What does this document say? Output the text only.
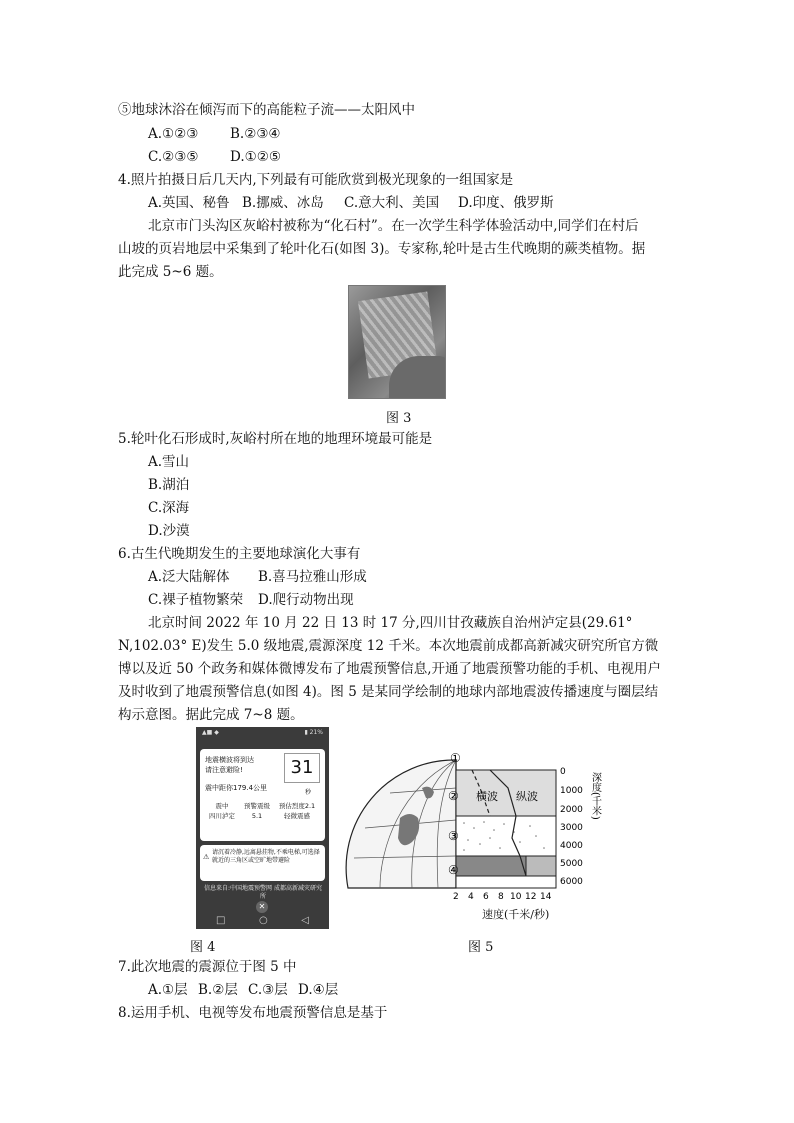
⑤地球沐浴在倾泻而下的高能粒子流——太阳风中
A.①②③ B.②③④
C.②③⑤ D.①②⑤
4.照片拍摄日后几天内,下列最有可能欣赏到极光现象的一组国家是
A.英国、秘鲁 B.挪威、冰岛 C.意大利、美国 D.印度、俄罗斯
北京市门头沟区灰峪村被称为“化石村”。在一次学生科学体验活动中,同学们在村后
山坡的页岩地层中采集到了轮叶化石(如图 3)。专家称,轮叶是古生代晚期的蕨类植物。据
此完成 5~6 题。
图 3
5.轮叶化石形成时,灰峪村所在地的地理环境最可能是
A.雪山
B.湖泊
C.深海
D.沙漠
6.古生代晚期发生的主要地球演化大事有
A.泛大陆解体 B.喜马拉雅山形成
C.裸子植物繁荣 D.爬行动物出现
北京时间 2022 年 10 月 22 日 13 时 17 分,四川甘孜藏族自治州泸定县(29.61°
N,102.03° E)发生 5.0 级地震,震源深度 12 千米。本次地震前成都高新减灾研究所官方微
博以及近 50 个政务和媒体微博发布了地震预警信息,开通了地震预警功能的手机、电视用户
及时收到了地震预警信息(如图 4)。图 5 是某同学绘制的地球内部地震波传播速度与圈层结
构示意图。据此完成 7~8 题。
▲■ ◆	▮ 21%
地震横波将到达
请注意避险!	31
震中距你179.4公里
秒
震中 预警震级 预估烈度2.1
四川泸定	5.1	轻微震感
⚠
请沉着冷静,远离悬挂物,不乘电梯,可选择就近的三角区或空旷地带避险
信息来自:中国地震预警网 成都高新减灾研究所
✕
□	○	◁
图 4
①
②
③
④
横波 纵波
0
1000
2000
3000
4000
5000
6000
深度(千米)
2 4 6 8 10 12 14
速度(千米/秒)
图 5
7.此次地震的震源位于图 5 中
A.①层 B.②层 C.③层 D.④层
8.运用手机、电视等发布地震预警信息是基于
